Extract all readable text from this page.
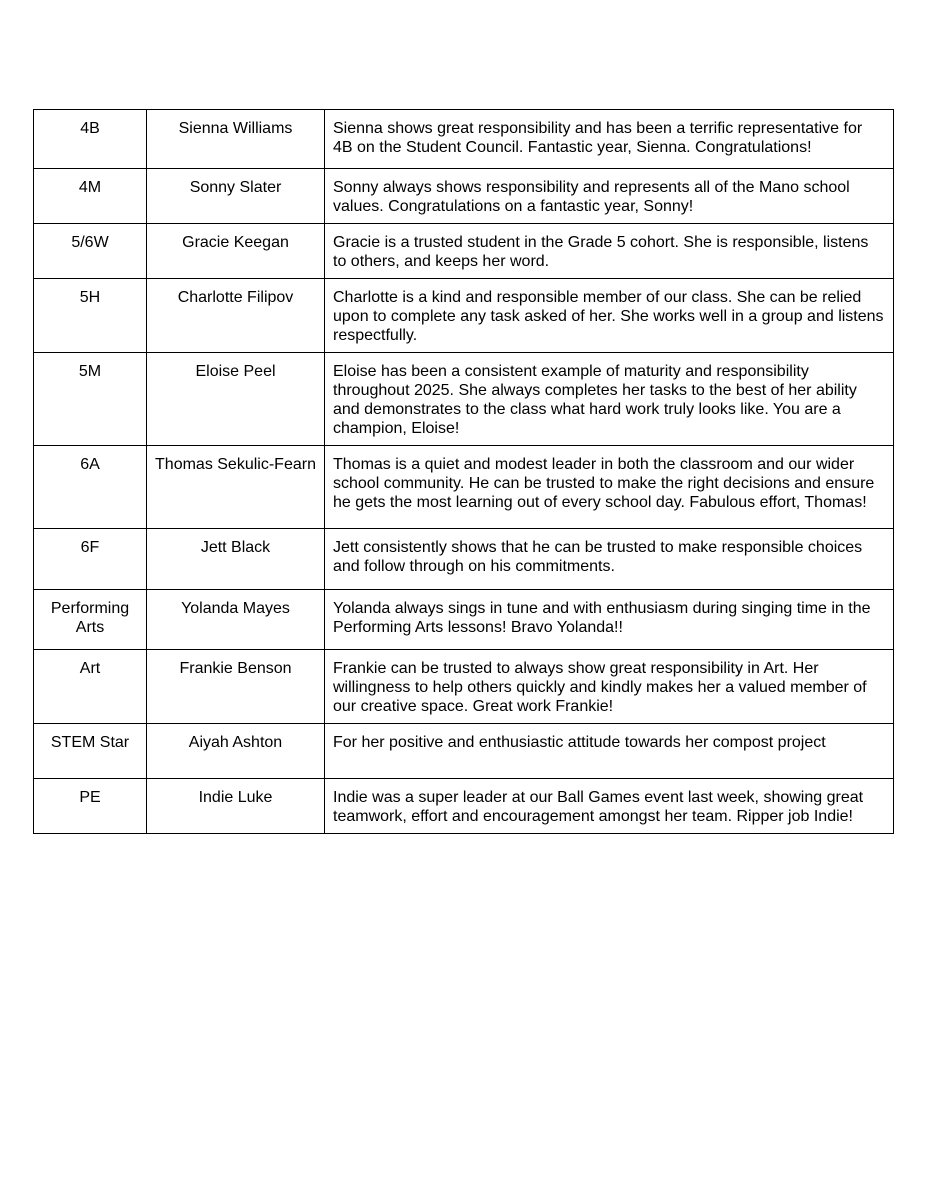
4B	Sienna Williams	Sienna shows great responsibility and has been a terrific representative for 4B on the Student Council. Fantastic year, Sienna. Congratulations!
4M	Sonny Slater	Sonny always shows responsibility and represents all of the Mano school values. Congratulations on a fantastic year, Sonny!
5/6W	Gracie Keegan	Gracie is a trusted student in the Grade 5 cohort. She is responsible, listens to others, and keeps her word.
5H	Charlotte Filipov	Charlotte is a kind and responsible member of our class. She can be relied upon to complete any task asked of her. She works well in a group and listens respectfully.
5M	Eloise Peel	Eloise has been a consistent example of maturity and responsibility throughout 2025. She always completes her tasks to the best of her ability and demonstrates to the class what hard work truly looks like. You are a champion, Eloise!
6A	Thomas Sekulic-Fearn	Thomas is a quiet and modest leader in both the classroom and our wider school community. He can be trusted to make the right decisions and ensure he gets the most learning out of every school day. Fabulous effort, Thomas!
6F	Jett Black	Jett consistently shows that he can be trusted to make responsible choices and follow through on his commitments.
Performing Arts	Yolanda Mayes	Yolanda always sings in tune and with enthusiasm during singing time in the Performing Arts lessons! Bravo Yolanda!!
Art	Frankie Benson	Frankie can be trusted to always show great responsibility in Art. Her willingness to help others quickly and kindly makes her a valued member of our creative space. Great work Frankie!
STEM Star	Aiyah Ashton	For her positive and enthusiastic attitude towards her compost project
PE	Indie Luke	Indie was a super leader at our Ball Games event last week, showing great teamwork, effort and encouragement amongst her team. Ripper job Indie!
